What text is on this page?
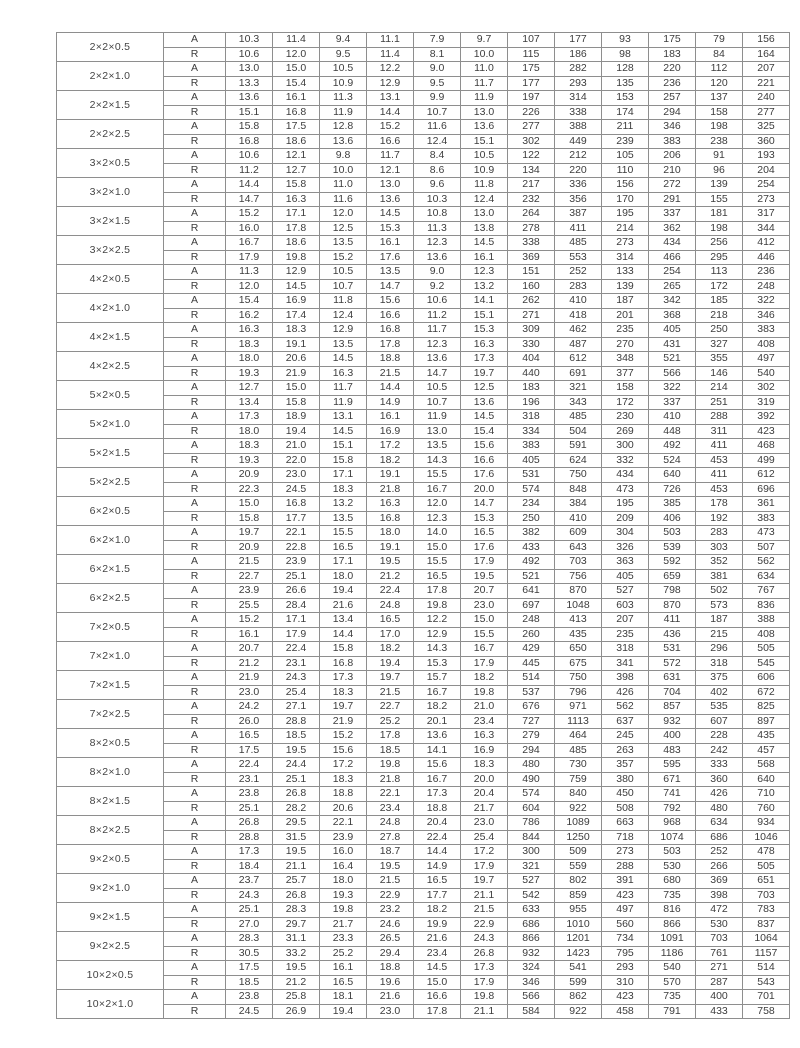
2×2×0.5	A	10.3	11.4	9.4	11.1	7.9	9.7	107	177	93	175	79	156
	R	10.6	12.0	9.5	11.4	8.1	10.0	115	186	98	183	84	164
2×2×1.0	A	13.0	15.0	10.5	12.2	9.0	11.0	175	282	128	220	112	207
	R	13.3	15.4	10.9	12.9	9.5	11.7	177	293	135	236	120	221
2×2×1.5	A	13.6	16.1	11.3	13.1	9.9	11.9	197	314	153	257	137	240
	R	15.1	16.8	11.9	14.4	10.7	13.0	226	338	174	294	158	277
2×2×2.5	A	15.8	17.5	12.8	15.2	11.6	13.6	277	388	211	346	198	325
	R	16.8	18.6	13.6	16.6	12.4	15.1	302	449	239	383	238	360
3×2×0.5	A	10.6	12.1	9.8	11.7	8.4	10.5	122	212	105	206	91	193
	R	11.2	12.7	10.0	12.1	8.6	10.9	134	220	110	210	96	204
3×2×1.0	A	14.4	15.8	11.0	13.0	9.6	11.8	217	336	156	272	139	254
	R	14.7	16.3	11.6	13.6	10.3	12.4	232	356	170	291	155	273
3×2×1.5	A	15.2	17.1	12.0	14.5	10.8	13.0	264	387	195	337	181	317
	R	16.0	17.8	12.5	15.3	11.3	13.8	278	411	214	362	198	344
3×2×2.5	A	16.7	18.6	13.5	16.1	12.3	14.5	338	485	273	434	256	412
	R	17.9	19.8	15.2	17.6	13.6	16.1	369	553	314	466	295	446
4×2×0.5	A	11.3	12.9	10.5	13.5	9.0	12.3	151	252	133	254	113	236
	R	12.0	14.5	10.7	14.7	9.2	13.2	160	283	139	265	172	248
4×2×1.0	A	15.4	16.9	11.8	15.6	10.6	14.1	262	410	187	342	185	322
	R	16.2	17.4	12.4	16.6	11.2	15.1	271	418	201	368	218	346
4×2×1.5	A	16.3	18.3	12.9	16.8	11.7	15.3	309	462	235	405	250	383
	R	18.3	19.1	13.5	17.8	12.3	16.3	330	487	270	431	327	408
4×2×2.5	A	18.0	20.6	14.5	18.8	13.6	17.3	404	612	348	521	355	497
	R	19.3	21.9	16.3	21.5	14.7	19.7	440	691	377	566	146	540
5×2×0.5	A	12.7	15.0	11.7	14.4	10.5	12.5	183	321	158	322	214	302
	R	13.4	15.8	11.9	14.9	10.7	13.6	196	343	172	337	251	319
5×2×1.0	A	17.3	18.9	13.1	16.1	11.9	14.5	318	485	230	410	288	392
	R	18.0	19.4	14.5	16.9	13.0	15.4	334	504	269	448	311	423
5×2×1.5	A	18.3	21.0	15.1	17.2	13.5	15.6	383	591	300	492	411	468
	R	19.3	22.0	15.8	18.2	14.3	16.6	405	624	332	524	453	499
5×2×2.5	A	20.9	23.0	17.1	19.1	15.5	17.6	531	750	434	640	411	612
	R	22.3	24.5	18.3	21.8	16.7	20.0	574	848	473	726	453	696
6×2×0.5	A	15.0	16.8	13.2	16.3	12.0	14.7	234	384	195	385	178	361
	R	15.8	17.7	13.5	16.8	12.3	15.3	250	410	209	406	192	383
6×2×1.0	A	19.7	22.1	15.5	18.0	14.0	16.5	382	609	304	503	283	473
	R	20.9	22.8	16.5	19.1	15.0	17.6	433	643	326	539	303	507
6×2×1.5	A	21.5	23.9	17.1	19.5	15.5	17.9	492	703	363	592	352	562
	R	22.7	25.1	18.0	21.2	16.5	19.5	521	756	405	659	381	634
6×2×2.5	A	23.9	26.6	19.4	22.4	17.8	20.7	641	870	527	798	502	767
	R	25.5	28.4	21.6	24.8	19.8	23.0	697	1048	603	870	573	836
7×2×0.5	A	15.2	17.1	13.4	16.5	12.2	15.0	248	413	207	411	187	388
	R	16.1	17.9	14.4	17.0	12.9	15.5	260	435	235	436	215	408
7×2×1.0	A	20.7	22.4	15.8	18.2	14.3	16.7	429	650	318	531	296	505
	R	21.2	23.1	16.8	19.4	15.3	17.9	445	675	341	572	318	545
7×2×1.5	A	21.9	24.3	17.3	19.7	15.7	18.2	514	750	398	631	375	606
	R	23.0	25.4	18.3	21.5	16.7	19.8	537	796	426	704	402	672
7×2×2.5	A	24.2	27.1	19.7	22.7	18.2	21.0	676	971	562	857	535	825
	R	26.0	28.8	21.9	25.2	20.1	23.4	727	1113	637	932	607	897
8×2×0.5	A	16.5	18.5	15.2	17.8	13.6	16.3	279	464	245	400	228	435
	R	17.5	19.5	15.6	18.5	14.1	16.9	294	485	263	483	242	457
8×2×1.0	A	22.4	24.4	17.2	19.8	15.6	18.3	480	730	357	595	333	568
	R	23.1	25.1	18.3	21.8	16.7	20.0	490	759	380	671	360	640
8×2×1.5	A	23.8	26.8	18.8	22.1	17.3	20.4	574	840	450	741	426	710
	R	25.1	28.2	20.6	23.4	18.8	21.7	604	922	508	792	480	760
8×2×2.5	A	26.8	29.5	22.1	24.8	20.4	23.0	786	1089	663	968	634	934
	R	28.8	31.5	23.9	27.8	22.4	25.4	844	1250	718	1074	686	1046
9×2×0.5	A	17.3	19.5	16.0	18.7	14.4	17.2	300	509	273	503	252	478
	R	18.4	21.1	16.4	19.5	14.9	17.9	321	559	288	530	266	505
9×2×1.0	A	23.7	25.7	18.0	21.5	16.5	19.7	527	802	391	680	369	651
	R	24.3	26.8	19.3	22.9	17.7	21.1	542	859	423	735	398	703
9×2×1.5	A	25.1	28.3	19.8	23.2	18.2	21.5	633	955	497	816	472	783
	R	27.0	29.7	21.7	24.6	19.9	22.9	686	1010	560	866	530	837
9×2×2.5	A	28.3	31.1	23.3	26.5	21.6	24.3	866	1201	734	1091	703	1064
	R	30.5	33.2	25.2	29.4	23.4	26.8	932	1423	795	1186	761	1157
10×2×0.5	A	17.5	19.5	16.1	18.8	14.5	17.3	324	541	293	540	271	514
	R	18.5	21.2	16.5	19.6	15.0	17.9	346	599	310	570	287	543
10×2×1.0	A	23.8	25.8	18.1	21.6	16.6	19.8	566	862	423	735	400	701
	R	24.5	26.9	19.4	23.0	17.8	21.1	584	922	458	791	433	758
